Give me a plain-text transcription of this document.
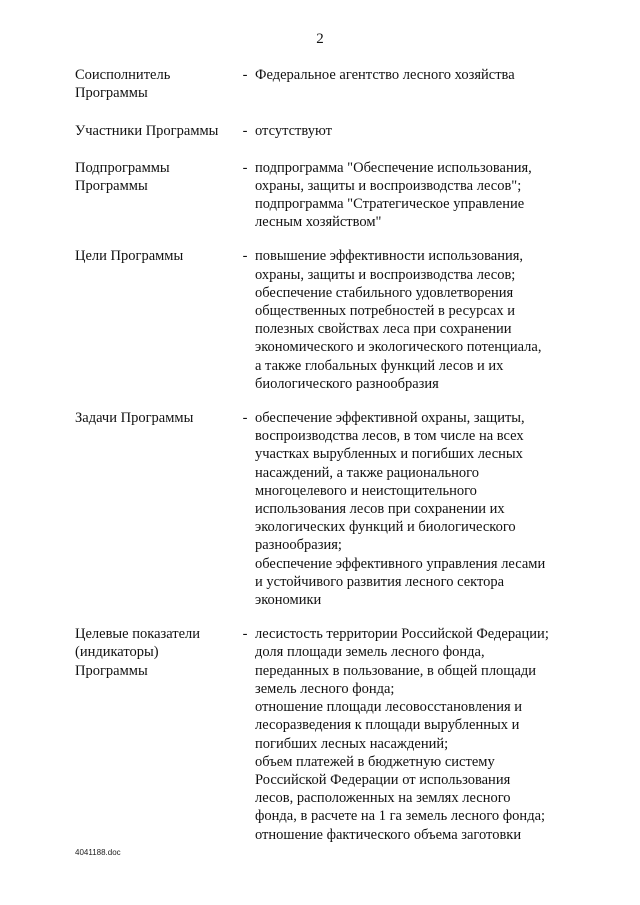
2
Соисполнитель
Программы
- Федеральное агентство лесного хозяйства
Участники Программы	- отсутствуют
Подпрограммы
Программы
- подпрограмма "Обеспечение использования,
охраны, защиты и воспроизводства лесов";
подпрограмма "Стратегическое управление
лесным хозяйством"
Цели Программы	- повышение эффективности использования,
охраны, защиты и воспроизводства лесов;
обеспечение стабильного удовлетворения
общественных потребностей в ресурсах и
полезных свойствах леса при сохранении
экономического и экологического потенциала,
а также глобальных функций лесов и их
биологического разнообразия
Задачи Программы	- обеспечение эффективной охраны, защиты,
воспроизводства лесов, в том числе на всех
участках вырубленных и погибших лесных
насаждений, а также рационального
многоцелевого и неистощительного
использования лесов при сохранении их
экологических функций и биологического
разнообразия;
обеспечение эффективного управления лесами
и устойчивого развития лесного сектора
экономики
Целевые показатели
(индикаторы)
Программы
- лесистость территории Российской Федерации;
доля площади земель лесного фонда,
переданных в пользование, в общей площади
земель лесного фонда;
отношение площади лесовосстановления и
лесоразведения к площади вырубленных и
погибших лесных насаждений;
объем платежей в бюджетную систему
Российской Федерации от использования
лесов, расположенных на землях лесного
фонда, в расчете на 1 га земель лесного фонда;
отношение фактического объема заготовки
4041188.doc
